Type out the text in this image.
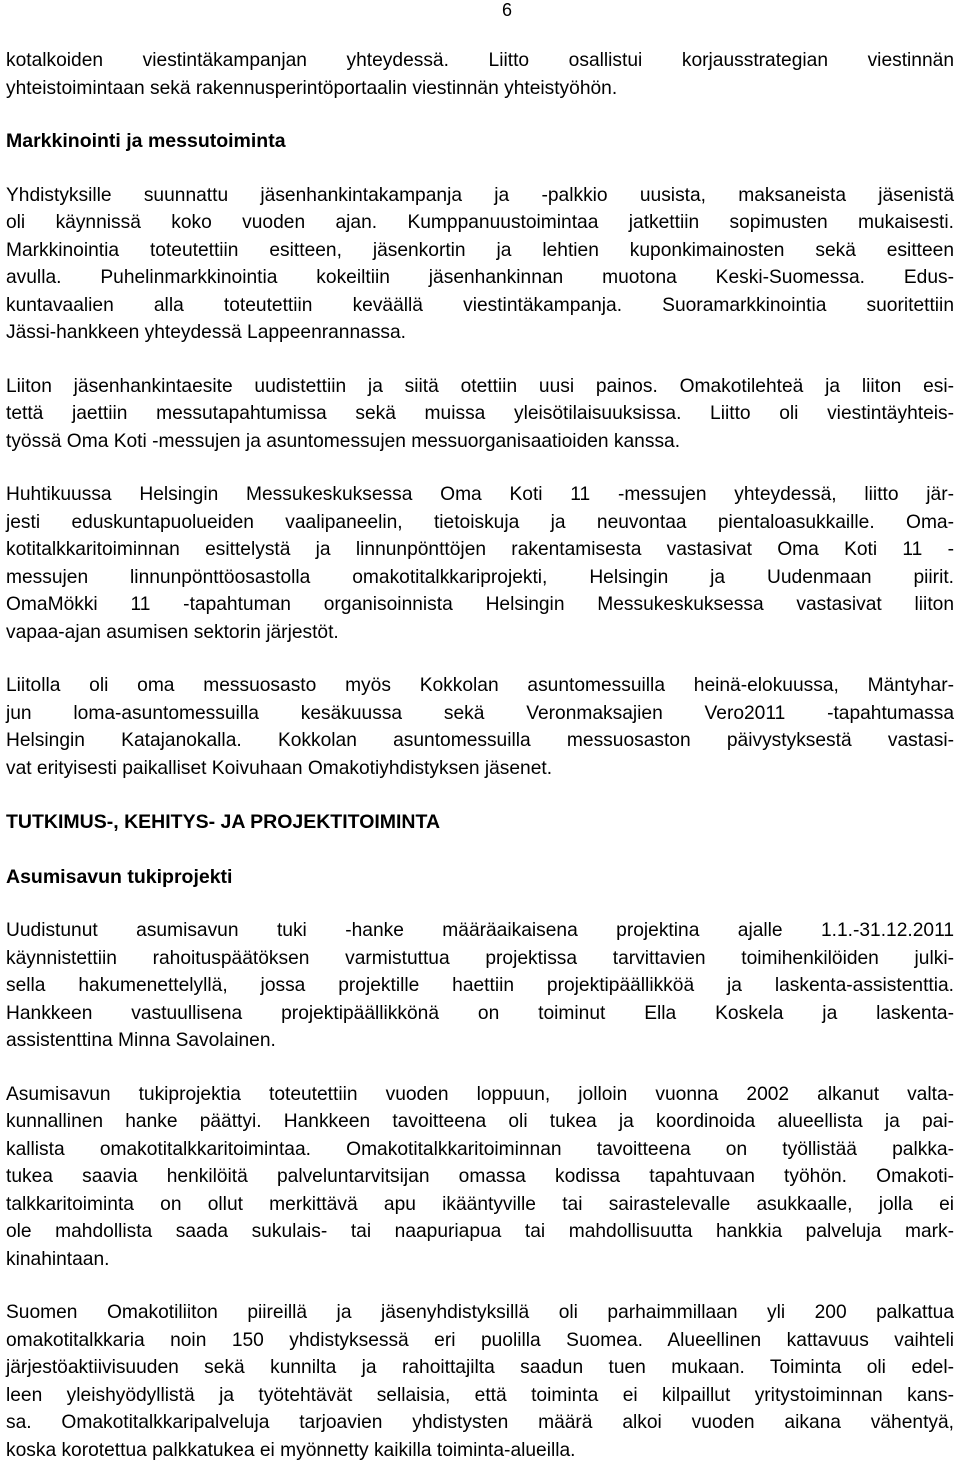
6

kotalkoiden viestintäkampanjan yhteydessä. Liitto osallistui korjausstrategian viestinnän

yhteistoimintaan sekä rakennusperintöportaalin viestinnän yhteistyöhön.

Markkinointi ja messutoiminta

Yhdistyksille suunnattu jäsenhankintakampanja ja -palkkio uusista, maksaneista jäsenistä

oli käynnissä koko vuoden ajan. Kumppanuustoimintaa jatkettiin sopimusten mukaisesti.

Markkinointia toteutettiin esitteen, jäsenkortin ja lehtien kuponkimainosten sekä esitteen

avulla. Puhelinmarkkinointia kokeiltiin jäsenhankinnan muotona Keski-Suomessa. Edus-

kuntavaalien alla toteutettiin keväällä viestintäkampanja. Suoramarkkinointia suoritettiin

Jässi-hankkeen yhteydessä Lappeenrannassa.

Liiton jäsenhankintaesite uudistettiin ja siitä otettiin uusi painos. Omakotilehteä ja liiton esi-

tettä jaettiin messutapahtumissa sekä muissa yleisötilaisuuksissa. Liitto oli viestintäyhteis-

työssä Oma Koti -messujen ja asuntomessujen messuorganisaatioiden kanssa.

Huhtikuussa Helsingin Messukeskuksessa Oma Koti 11 -messujen yhteydessä, liitto jär-

jesti eduskuntapuolueiden vaalipaneelin, tietoiskuja ja neuvontaa pientaloasukkaille. Oma-

kotitalkkaritoiminnan esittelystä ja linnunpönttöjen rakentamisesta vastasivat Oma Koti 11 -

messujen linnunpönttöosastolla omakotitalkkariprojekti, Helsingin ja Uudenmaan piirit.

OmaMökki 11 -tapahtuman organisoinnista Helsingin Messukeskuksessa vastasivat liiton

vapaa-ajan asumisen sektorin järjestöt.

Liitolla oli oma messuosasto myös Kokkolan asuntomessuilla heinä-elokuussa, Mäntyhar-

jun loma-asuntomessuilla kesäkuussa sekä Veronmaksajien Vero2011 -tapahtumassa

Helsingin Katajanokalla. Kokkolan asuntomessuilla messuosaston päivystyksestä vastasi-

vat erityisesti paikalliset Koivuhaan Omakotiyhdistyksen jäsenet.

TUTKIMUS-, KEHITYS- JA PROJEKTITOIMINTA

Asumisavun tukiprojekti

Uudistunut asumisavun tuki -hanke määräaikaisena projektina ajalle 1.1.-31.12.2011

käynnistettiin rahoituspäätöksen varmistuttua projektissa tarvittavien toimihenkilöiden julki-

sella hakumenettelyllä, jossa projektille haettiin projektipäällikköä ja laskenta-assistenttia.

Hankkeen vastuullisena projektipäällikkönä on toiminut Ella Koskela ja laskenta-

assistenttina Minna Savolainen.

Asumisavun tukiprojektia toteutettiin vuoden loppuun, jolloin vuonna 2002 alkanut valta-

kunnallinen hanke päättyi. Hankkeen tavoitteena oli tukea ja koordinoida alueellista ja pai-

kallista omakotitalkkaritoimintaa. Omakotitalkkaritoiminnan tavoitteena on työllistää palkka-

tukea saavia henkilöitä palveluntarvitsijan omassa kodissa tapahtuvaan työhön. Omakoti-

talkkaritoiminta on ollut merkittävä apu ikääntyville tai sairastelevalle asukkaalle, jolla ei

ole mahdollista saada sukulais- tai naapuriapua tai mahdollisuutta hankkia palveluja mark-

kinahintaan.

Suomen Omakotiliiton piireillä ja jäsenyhdistyksillä oli parhaimmillaan yli 200 palkattua

omakotitalkkaria noin 150 yhdistyksessä eri puolilla Suomea. Alueellinen kattavuus vaihteli

järjestöaktiivisuuden sekä kunnilta ja rahoittajilta saadun tuen mukaan. Toiminta oli edel-

leen yleishyödyllistä ja työtehtävät sellaisia, että toiminta ei kilpaillut yritystoiminnan kans-

sa. Omakotitalkkaripalveluja tarjoavien yhdistysten määrä alkoi vuoden aikana vähentyä,

koska korotettua palkkatukea ei myönnetty kaikilla toiminta-alueilla.
